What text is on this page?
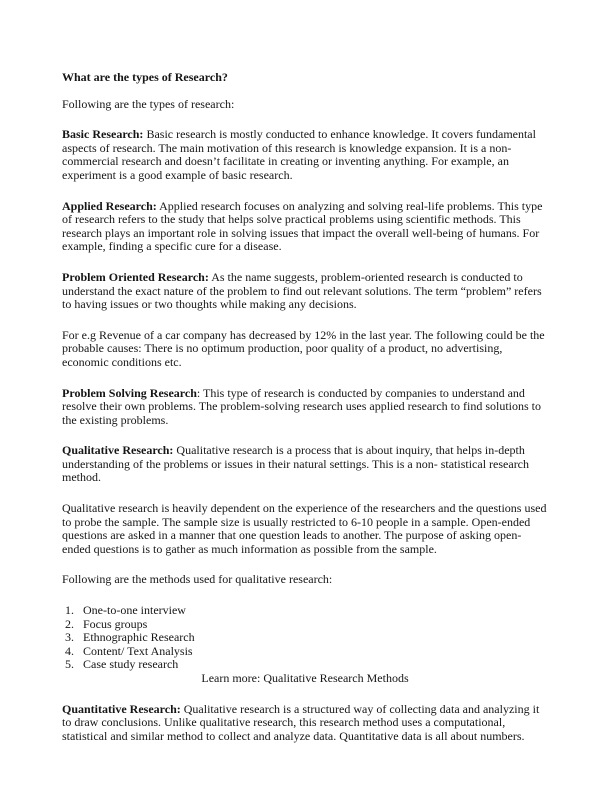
What are the types of Research?

Following are the types of research:

Basic Research: Basic research is mostly conducted to enhance knowledge. It covers fundamental aspects of research. The main motivation of this research is knowledge expansion. It is a non-commercial research and doesn’t facilitate in creating or inventing anything. For example, an experiment is a good example of basic research.

Applied Research: Applied research focuses on analyzing and solving real-life problems. This type of research refers to the study that helps solve practical problems using scientific methods. This research plays an important role in solving issues that impact the overall well-being of humans. For example, finding a specific cure for a disease.

Problem Oriented Research: As the name suggests, problem-oriented research is conducted to understand the exact nature of the problem to find out relevant solutions. The term “problem” refers to having issues or two thoughts while making any decisions.

For e.g Revenue of a car company has decreased by 12% in the last year. The following could be the probable causes: There is no optimum production, poor quality of a product, no advertising, economic conditions etc.

Problem Solving Research: This type of research is conducted by companies to understand and resolve their own problems. The problem-solving research uses applied research to find solutions to the existing problems.

Qualitative Research: Qualitative research is a process that is about inquiry, that helps in-depth understanding of the problems or issues in their natural settings. This is a non- statistical research method.

Qualitative research is heavily dependent on the experience of the researchers and the questions used to probe the sample. The sample size is usually restricted to 6-10 people in a sample. Open-ended questions are asked in a manner that one question leads to another. The purpose of asking open-ended questions is to gather as much information as possible from the sample.

Following are the methods used for qualitative research:

1. One-to-one interview
2. Focus groups
3. Ethnographic Research
4. Content/ Text Analysis
5. Case study research

Learn more: Qualitative Research Methods

Quantitative Research: Qualitative research is a structured way of collecting data and analyzing it to draw conclusions. Unlike qualitative research, this research method uses a computational, statistical and similar method to collect and analyze data. Quantitative data is all about numbers.
